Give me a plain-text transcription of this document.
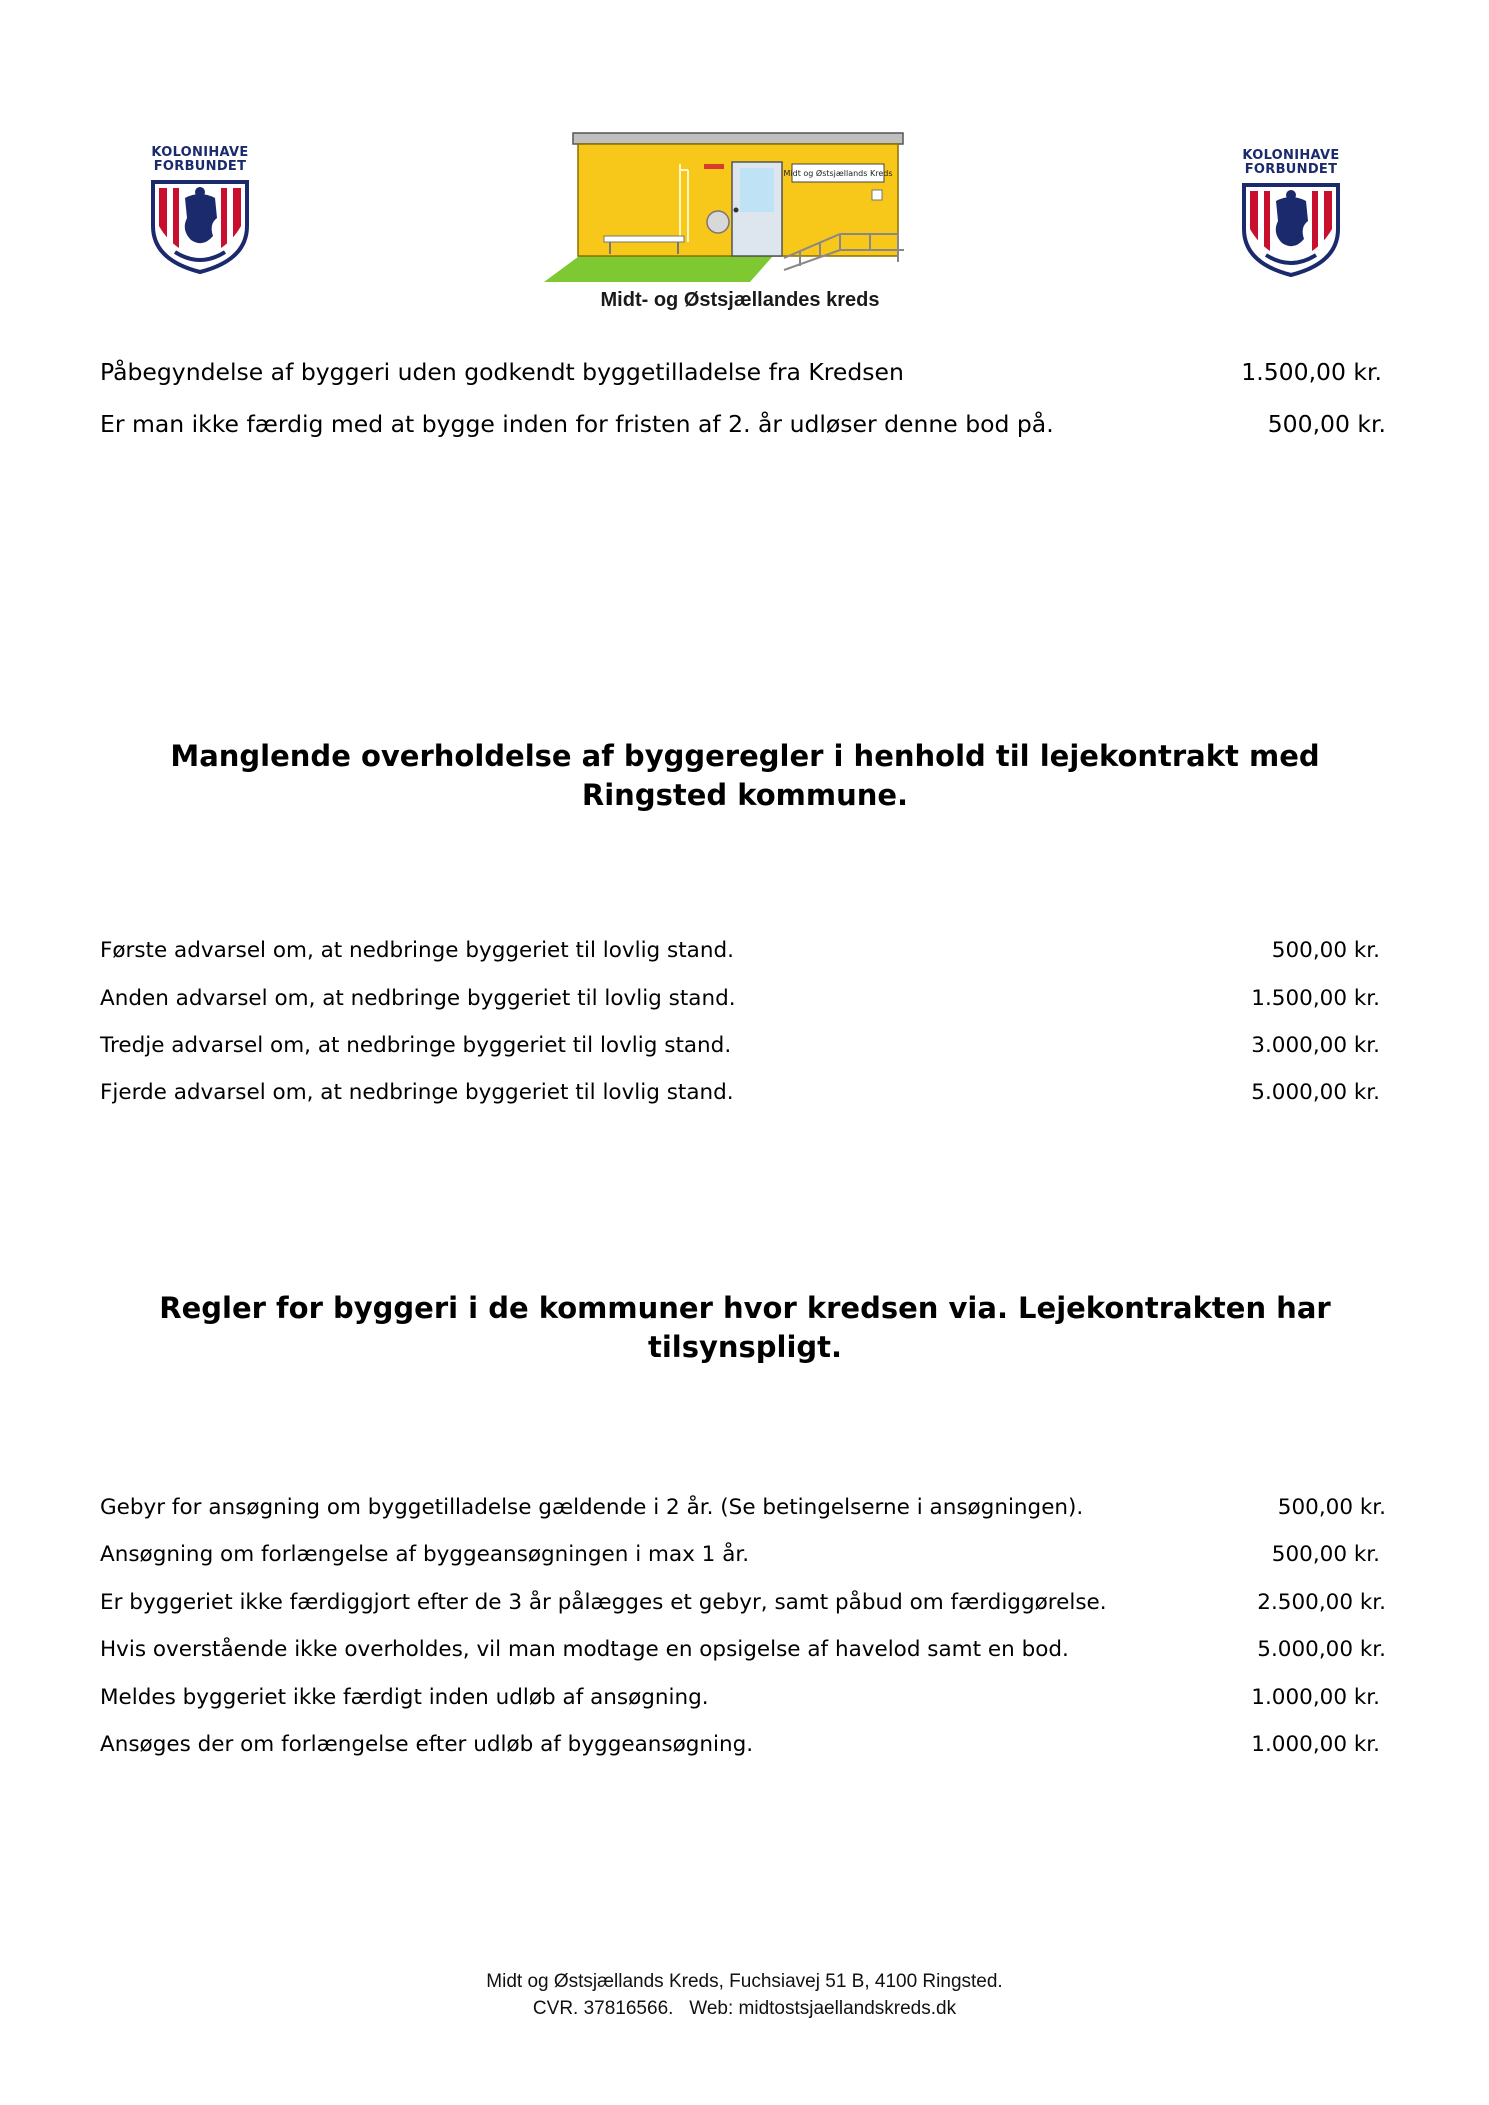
KOLONIHAVE
FORBUNDET
KOLONIHAVE
FORBUNDET
Midt og Østsjællands Kreds
Midt- og Østsjællandes kreds
Påbegyndelse af byggeri uden godkendt byggetilladelse fra Kredsen	1.500,00 kr.
Er man ikke færdig med at bygge inden for fristen af 2. år udløser denne bod på.	500,00 kr.
Manglende overholdelse af byggeregler i henhold til lejekontrakt med
Ringsted kommune.
Første advarsel om, at nedbringe byggeriet til lovlig stand.	500,00 kr.
Anden advarsel om, at nedbringe byggeriet til lovlig stand.	1.500,00 kr.
Tredje advarsel om, at nedbringe byggeriet til lovlig stand.	3.000,00 kr.
Fjerde advarsel om, at nedbringe byggeriet til lovlig stand.	5.000,00 kr.
Regler for byggeri i de kommuner hvor kredsen via. Lejekontrakten har
tilsynspligt.
Gebyr for ansøgning om byggetilladelse gældende i 2 år. (Se betingelserne i ansøgningen).	500,00 kr.
Ansøgning om forlængelse af byggeansøgningen i max 1 år.	500,00 kr.
Er byggeriet ikke færdiggjort efter de 3 år pålægges et gebyr, samt påbud om færdiggørelse.	2.500,00 kr.
Hvis overstående ikke overholdes, vil man modtage en opsigelse af havelod samt en bod.	5.000,00 kr.
Meldes byggeriet ikke færdigt inden udløb af ansøgning.	1.000,00 kr.
Ansøges der om forlængelse efter udløb af byggeansøgning.	1.000,00 kr.
Midt og Østsjællands Kreds, Fuchsiavej 51 B, 4100 Ringsted.
CVR. 37816566.   Web: midtostsjaellandskreds.dk
